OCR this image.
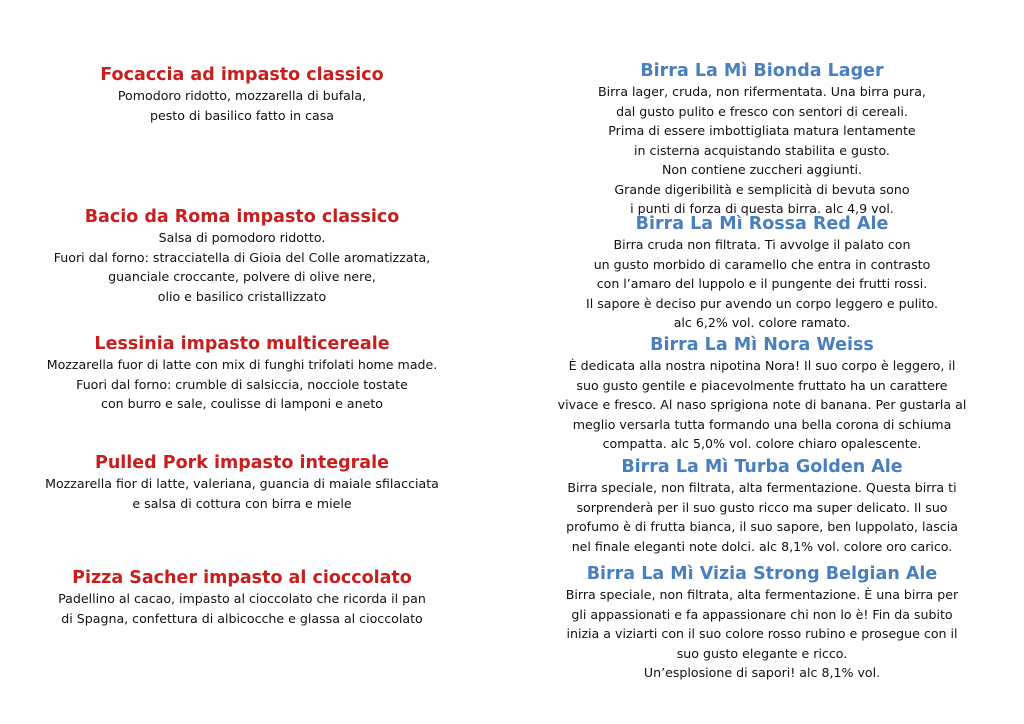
Focaccia ad impasto classico

Pomodoro ridotto, mozzarella di bufala,
pesto di basilico fatto in casa

Bacio da Roma impasto classico

Salsa di pomodoro ridotto.
Fuori dal forno: stracciatella di Gioia del Colle aromatizzata,
guanciale croccante, polvere di olive nere,
olio e basilico cristallizzato

Lessinia impasto multicereale

Mozzarella fuor di latte con mix di funghi trifolati home made.
Fuori dal forno: crumble di salsiccia, nocciole tostate
con burro e sale, coulisse di lamponi e aneto

Pulled Pork impasto integrale

Mozzarella fior di latte, valeriana, guancia di maiale sfilacciata
e salsa di cottura con birra e miele

Pizza Sacher impasto al cioccolato

Padellino al cacao, impasto al cioccolato che ricorda il pan
di Spagna, confettura di albicocche e glassa al cioccolato

Birra La Mì Bionda Lager

Birra lager, cruda, non rifermentata. Una birra pura,
dal gusto pulito e fresco con sentori di cereali.
Prima di essere imbottigliata matura lentamente
in cisterna acquistando stabilita e gusto.
Non contiene zuccheri aggiunti.
Grande digeribilità e semplicità di bevuta sono
i punti di forza di questa birra. alc 4,9 vol.

Birra La Mì Rossa Red Ale

Birra cruda non filtrata. Ti avvolge il palato con
un gusto morbido di caramello che entra in contrasto
con l’amaro del luppolo e il pungente dei frutti rossi.
Il sapore è deciso pur avendo un corpo leggero e pulito.
alc 6,2% vol. colore ramato.

Birra La Mì Nora Weiss

È dedicata alla nostra nipotina Nora! Il suo corpo è leggero, il
suo gusto gentile e piacevolmente fruttato ha un carattere
vivace e fresco. Al naso sprigiona note di banana. Per gustarla al
meglio versarla tutta formando una bella corona di schiuma
compatta. alc 5,0% vol. colore chiaro opalescente.

Birra La Mì Turba Golden Ale

Birra speciale, non filtrata, alta fermentazione. Questa birra ti
sorprenderà per il suo gusto ricco ma super delicato. Il suo
profumo è di frutta bianca, il suo sapore, ben luppolato, lascia
nel finale eleganti note dolci. alc 8,1% vol. colore oro carico.

Birra La Mì Vizia Strong Belgian Ale

Birra speciale, non filtrata, alta fermentazione. È una birra per
gli appassionati e fa appassionare chi non lo è! Fin da subito
inizia a viziarti con il suo colore rosso rubino e prosegue con il
suo gusto elegante e ricco.
Un’esplosione di sapori! alc 8,1% vol.
